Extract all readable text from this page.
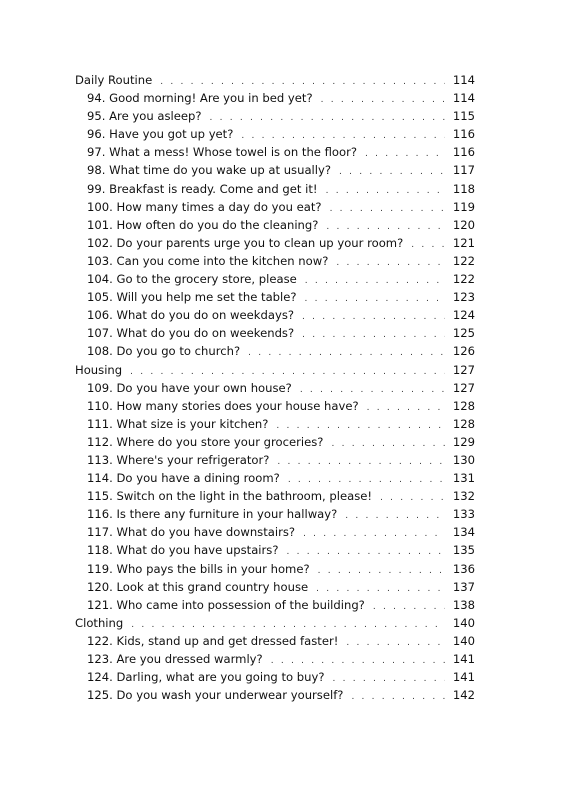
Daily Routine . . .	114
94. Good morning! Are you in bed yet? . . .	114
95. Are you asleep? . . .	115
96. Have you got up yet? . . .	116
97. What a mess! Whose towel is on the floor? . . .	116
98. What time do you wake up at usually? . . .	117
99. Breakfast is ready. Come and get it! . . .	118
100. How many times a day do you eat? . . .	119
101. How often do you do the cleaning? . . .	120
102. Do your parents urge you to clean up your room? . . .	121
103. Can you come into the kitchen now? . . .	122
104. Go to the grocery store, please . . .	122
105. Will you help me set the table? . . .	123
106. What do you do on weekdays? . . .	124
107. What do you do on weekends? . . .	125
108. Do you go to church? . . .	126
Housing . . .	127
109. Do you have your own house? . . .	127
110. How many stories does your house have? . . .	128
111. What size is your kitchen? . . .	128
112. Where do you store your groceries? . . .	129
113. Where's your refrigerator? . . .	130
114. Do you have a dining room? . . .	131
115. Switch on the light in the bathroom, please! . . .	132
116. Is there any furniture in your hallway? . . .	133
117. What do you have downstairs? . . .	134
118. What do you have upstairs? . . .	135
119. Who pays the bills in your home? . . .	136
120. Look at this grand country house . . .	137
121. Who came into possession of the building? . . .	138
Clothing . . .	140
122. Kids, stand up and get dressed faster! . . .	140
123. Are you dressed warmly? . . .	141
124. Darling, what are you going to buy? . . .	141
125. Do you wash your underwear yourself? . . .	142
